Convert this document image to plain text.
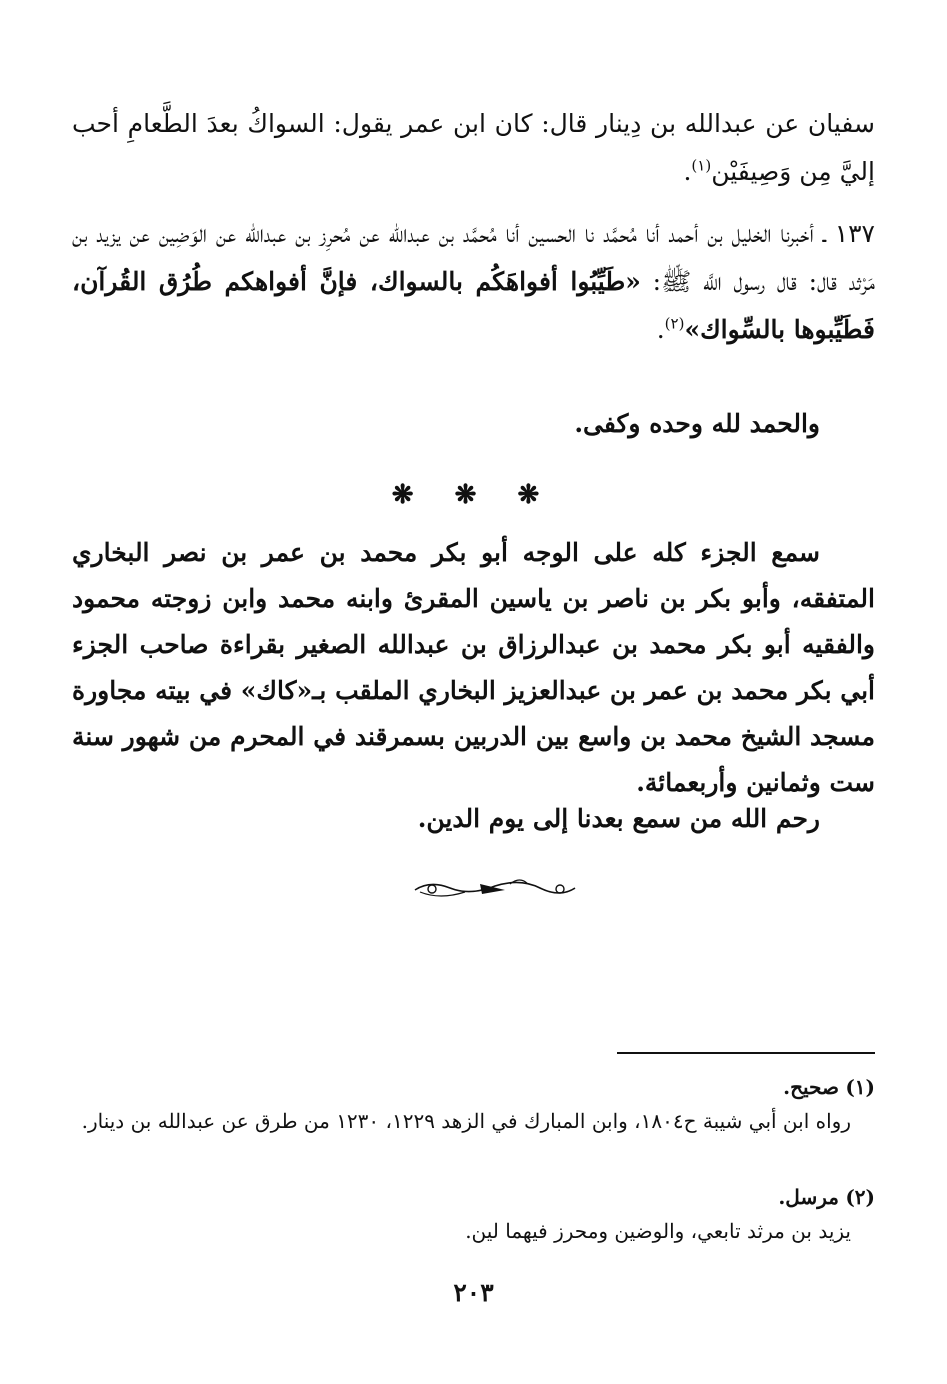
سفيان عن عبدالله بن دِينار قال: كان ابن عمر يقول: السواكُ بعدَ الطَّعامِ أحب إليَّ مِن وَصِيفَيْن$^{(١)}$.

١٣٧ ـ أخبرنا الخليل بن أحمد أنا مُحمَّد نا الحسين أنا مُحمَّد بن عبدالله عن مُحرِز بن عبدالله عن الوَضِين عن يزيد بن مَرْثد قال: قال رسول اللَّه ﷺ: «طَيِّبُوا أفواهَكُم بالسواك، فإنَّ أفواهكم طُرُق القُرآن، فَطَيِّبوها بالسِّواك»$^{(٢)}$.

والحمد لله وحده وكفى.

❋ ❋ ❋

سمع الجزء كله على الوجه أبو بكر محمد بن عمر بن نصر البخاري المتفقه، وأبو بكر بن ناصر بن ياسين المقرئ وابنه محمد وابن زوجته محمود والفقيه أبو بكر محمد بن عبدالرزاق بن عبدالله الصغير بقراءة صاحب الجزء أبي بكر محمد بن عمر بن عبدالعزيز البخاري الملقب بـ«كاك» في بيته مجاورة مسجد الشيخ محمد بن واسع بين الدربين بسمرقند في المحرم من شهور سنة ست وثمانين وأربعمائة.

رحم الله من سمع بعدنا إلى يوم الدين.

(١) صحيح.
رواه ابن أبي شيبة ح١٨٠٤، وابن المبارك في الزهد ١٢٢٩، ١٢٣٠ من طرق عن عبدالله بن دينار.
(٢) مرسل.
يزيد بن مرثد تابعي، والوضين ومحرز فيهما لين.
٢٠٣
